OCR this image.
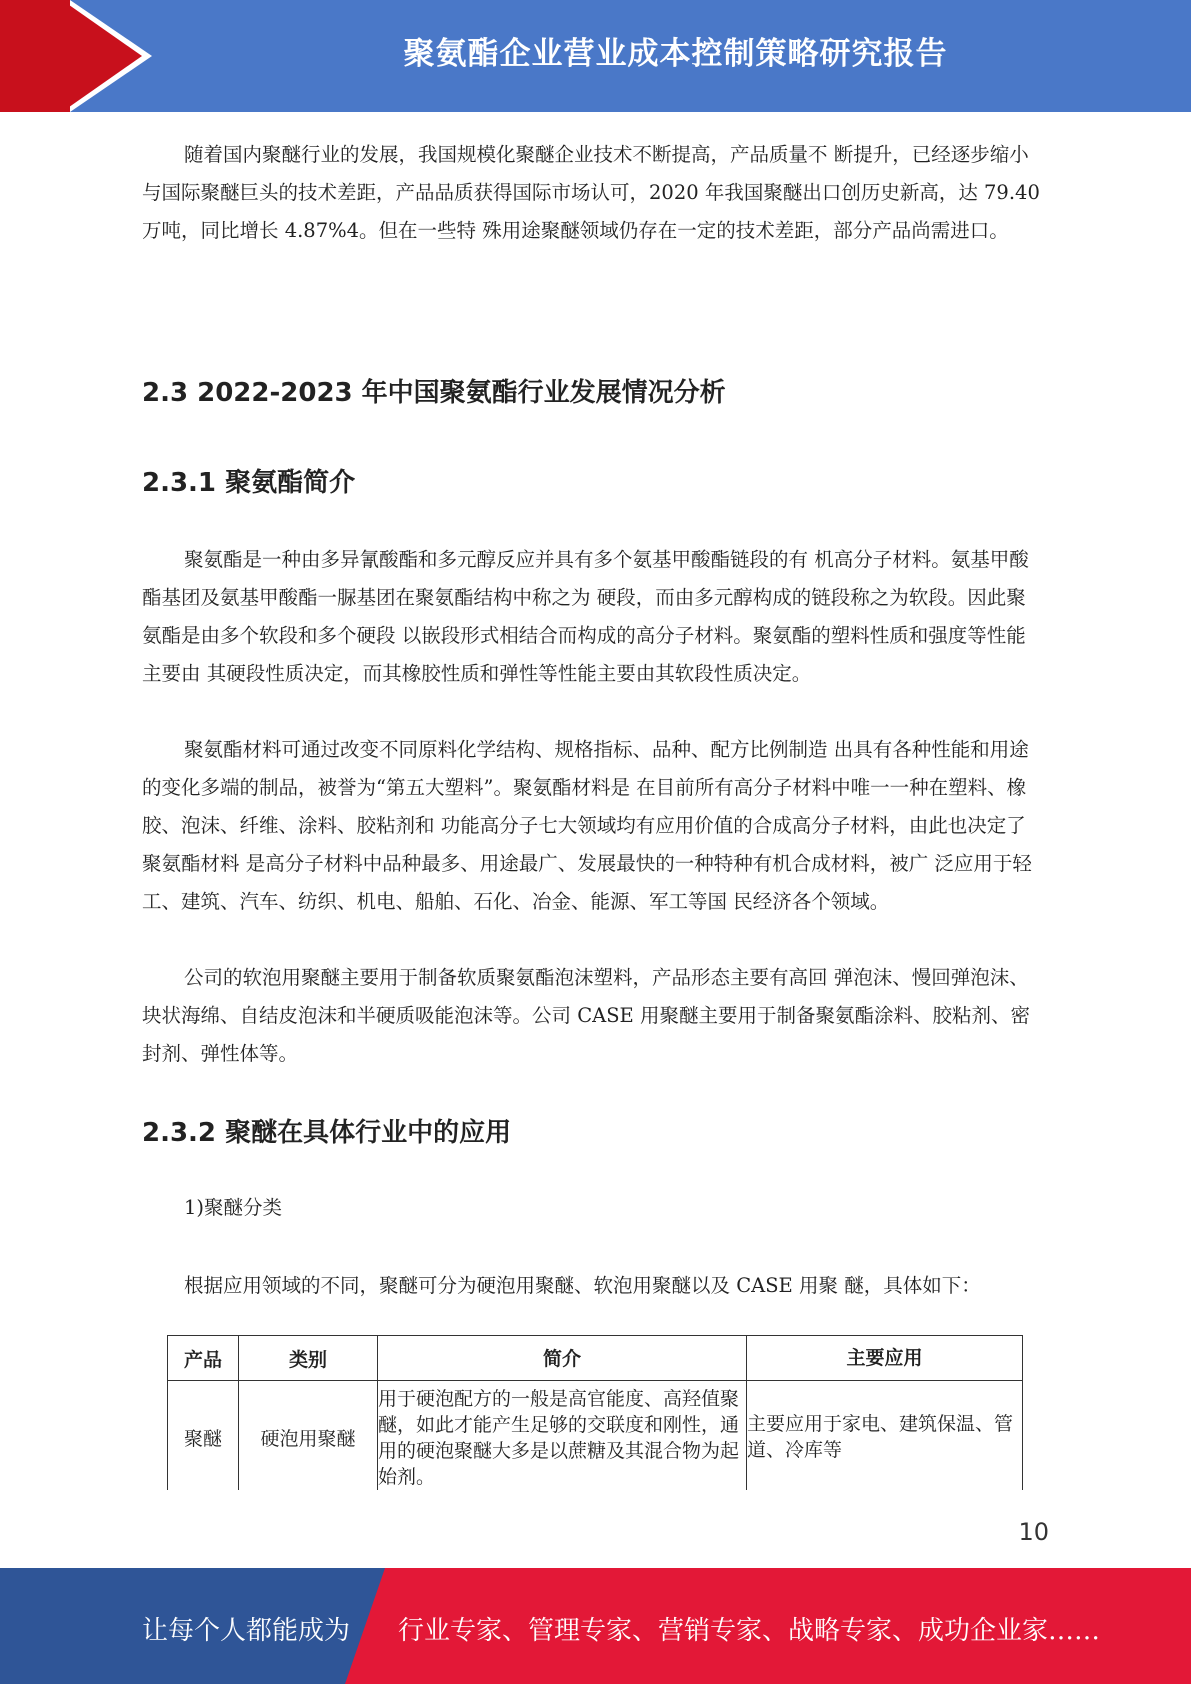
聚氨酯企业营业成本控制策略研究报告

随着国内聚醚行业的发展，我国规模化聚醚企业技术不断提高，产品质量不 断提升，已经逐步缩小与国际聚醚巨头的技术差距，产品品质获得国际市场认可，2020 年我国聚醚出口创历史新高，达 79.40 万吨，同比增长 4.87%4。但在一些特 殊用途聚醚领域仍存在一定的技术差距，部分产品尚需进口。

2.3 2022-2023 年中国聚氨酯行业发展情况分析
2.3.1 聚氨酯简介

聚氨酯是一种由多异氰酸酯和多元醇反应并具有多个氨基甲酸酯链段的有 机高分子材料。氨基甲酸酯基团及氨基甲酸酯一脲基团在聚氨酯结构中称之为 硬段，而由多元醇构成的链段称之为软段。因此聚氨酯是由多个软段和多个硬段 以嵌段形式相结合而构成的高分子材料。聚氨酯的塑料性质和强度等性能主要由 其硬段性质决定，而其橡胶性质和弹性等性能主要由其软段性质决定。

聚氨酯材料可通过改变不同原料化学结构、规格指标、品种、配方比例制造 出具有各种性能和用途的变化多端的制品，被誉为“第五大塑料”。聚氨酯材料是 在目前所有高分子材料中唯一一种在塑料、橡胶、泡沫、纤维、涂料、胶粘剂和 功能高分子七大领域均有应用价值的合成高分子材料，由此也决定了聚氨酯材料 是高分子材料中品种最多、用途最广、发展最快的一种特种有机合成材料，被广 泛应用于轻工、建筑、汽车、纺织、机电、船舶、石化、冶金、能源、军工等国 民经济各个领域。

公司的软泡用聚醚主要用于制备软质聚氨酯泡沫塑料，产品形态主要有高回 弹泡沫、慢回弹泡沫、块状海绵、自结皮泡沫和半硬质吸能泡沫等。公司 CASE 用聚醚主要用于制备聚氨酯涂料、胶粘剂、密封剂、弹性体等。

2.3.2 聚醚在具体行业中的应用

1)聚醚分类

根据应用领域的不同，聚醚可分为硬泡用聚醚、软泡用聚醚以及 CASE 用聚 醚，具体如下：

产品	类别	简介	主要应用
聚醚	硬泡用聚醚	用于硬泡配方的一般是高官能度、高羟值聚醚，如此才能产生足够的交联度和刚性，通用的硬泡聚醚大多是以蔗糖及其混合物为起始剂。	主要应用于家电、建筑保温、管道、冷库等
10
让每个人都能成为 行业专家、管理专家、营销专家、战略专家、成功企业家……
